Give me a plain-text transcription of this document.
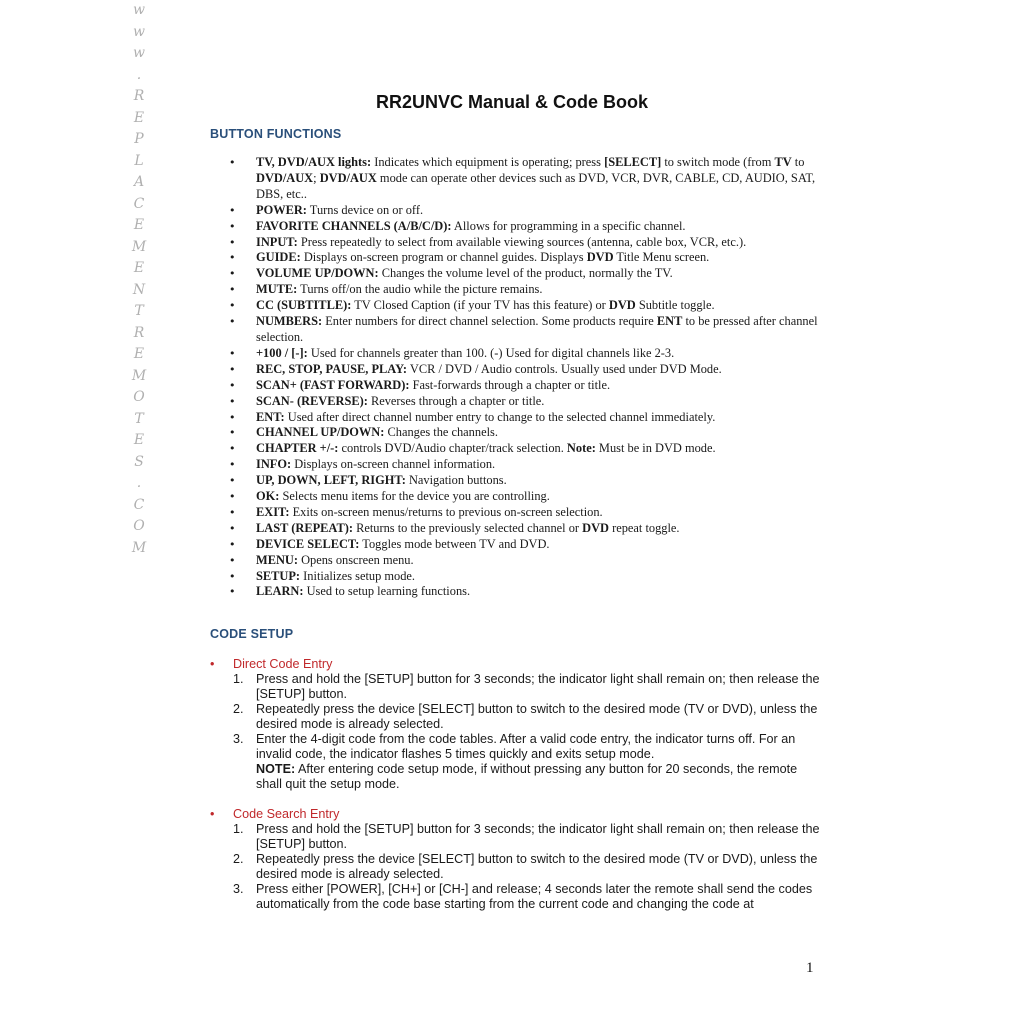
w
w
w
.
R
E
P
L
A
C
E
M
E
N
T
R
E
M
O
T
E
S
.
C
O
M
RR2UNVC Manual & Code Book
BUTTON FUNCTIONS
• TV, DVD/AUX lights: Indicates which equipment is operating; press [SELECT] to switch mode (from TV to DVD/AUX; DVD/AUX mode can operate other devices such as DVD, VCR, DVR, CABLE, CD, AUDIO, SAT, DBS, etc..
• POWER: Turns device on or off.
• FAVORITE CHANNELS (A/B/C/D): Allows for programming in a specific channel.
• INPUT: Press repeatedly to select from available viewing sources (antenna, cable box, VCR, etc.).
• GUIDE: Displays on-screen program or channel guides. Displays DVD Title Menu screen.
• VOLUME UP/DOWN: Changes the volume level of the product, normally the TV.
• MUTE: Turns off/on the audio while the picture remains.
• CC (SUBTITLE): TV Closed Caption (if your TV has this feature) or DVD Subtitle toggle.
• NUMBERS: Enter numbers for direct channel selection. Some products require ENT to be pressed after channel selection.
• +100 / [-]: Used for channels greater than 100. (-) Used for digital channels like 2-3.
• REC, STOP, PAUSE, PLAY: VCR / DVD / Audio controls. Usually used under DVD Mode.
• SCAN+ (FAST FORWARD): Fast-forwards through a chapter or title.
• SCAN- (REVERSE): Reverses through a chapter or title.
• ENT: Used after direct channel number entry to change to the selected channel immediately.
• CHANNEL UP/DOWN: Changes the channels.
• CHAPTER +/-: controls DVD/Audio chapter/track selection. Note: Must be in DVD mode.
• INFO: Displays on-screen channel information.
• UP, DOWN, LEFT, RIGHT: Navigation buttons.
• OK: Selects menu items for the device you are controlling.
• EXIT: Exits on-screen menus/returns to previous on-screen selection.
• LAST (REPEAT): Returns to the previously selected channel or DVD repeat toggle.
• DEVICE SELECT: Toggles mode between TV and DVD.
• MENU: Opens onscreen menu.
• SETUP: Initializes setup mode.
• LEARN: Used to setup learning functions.
CODE SETUP
• Direct Code Entry
1. Press and hold the [SETUP] button for 3 seconds; the indicator light shall remain on; then release the [SETUP] button.
2. Repeatedly press the device [SELECT] button to switch to the desired mode (TV or DVD), unless the desired mode is already selected.
3. Enter the 4-digit code from the code tables. After a valid code entry, the indicator turns off. For an invalid code, the indicator flashes 5 times quickly and exits setup mode.
NOTE: After entering code setup mode, if without pressing any button for 20 seconds, the remote shall quit the setup mode.
• Code Search Entry
1. Press and hold the [SETUP] button for 3 seconds; the indicator light shall remain on; then release the [SETUP] button.
2. Repeatedly press the device [SELECT] button to switch to the desired mode (TV or DVD), unless the desired mode is already selected.
3. Press either [POWER], [CH+] or [CH-] and release; 4 seconds later the remote shall send the codes automatically from the code base starting from the current code and changing the code at
1
